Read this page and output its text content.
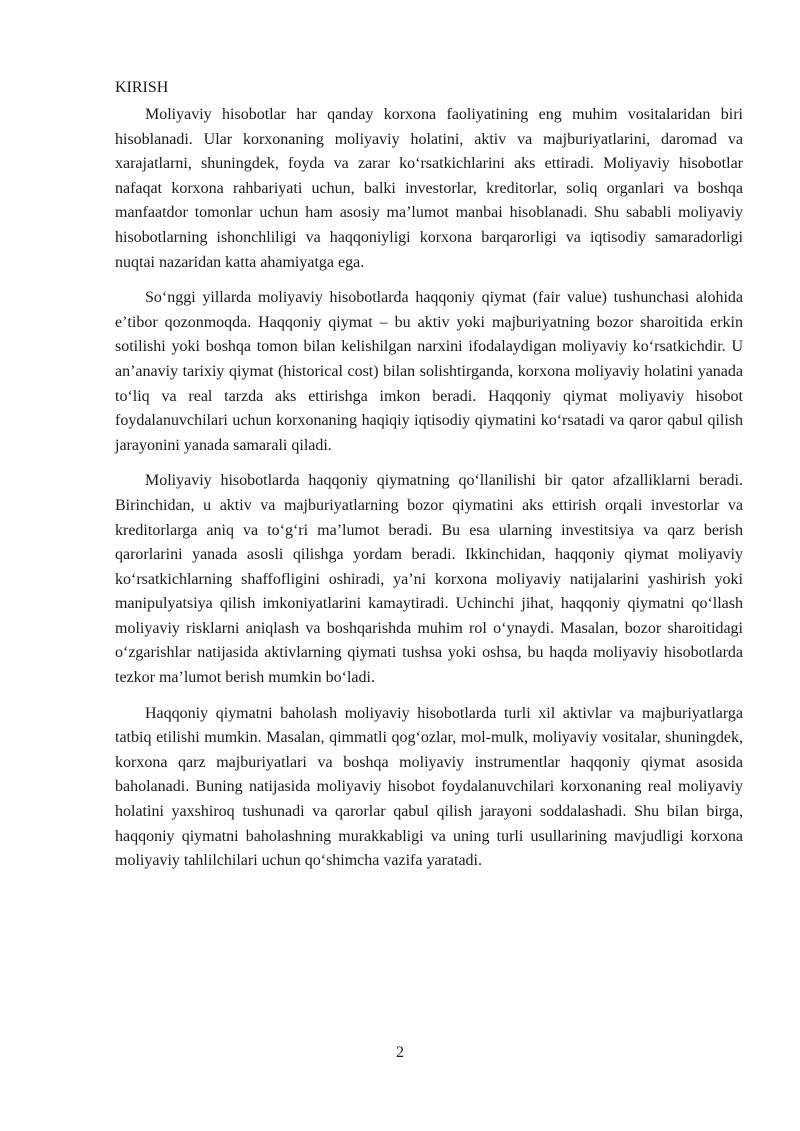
KIRISH

Moliyaviy hisobotlar har qanday korxona faoliyatining eng muhim vositalaridan biri hisoblanadi. Ular korxonaning moliyaviy holatini, aktiv va majburiyatlarini, daromad va xarajatlarni, shuningdek, foyda va zarar koʻrsatkichlarini aks ettiradi. Moliyaviy hisobotlar nafaqat korxona rahbariyati uchun, balki investorlar, kreditorlar, soliq organlari va boshqa manfaatdor tomonlar uchun ham asosiy maʼlumot manbai hisoblanadi. Shu sababli moliyaviy hisobotlarning ishonchliligi va haqqoniyligi korxona barqarorligi va iqtisodiy samaradorligi nuqtai nazaridan katta ahamiyatga ega.

Soʻnggi yillarda moliyaviy hisobotlarda haqqoniy qiymat (fair value) tushunchasi alohida eʼtibor qozonmoqda. Haqqoniy qiymat – bu aktiv yoki majburiyatning bozor sharoitida erkin sotilishi yoki boshqa tomon bilan kelishilgan narxini ifodalaydigan moliyaviy koʻrsatkichdir. U anʼanaviy tarixiy qiymat (historical cost) bilan solishtirganda, korxona moliyaviy holatini yanada toʻliq va real tarzda aks ettirishga imkon beradi. Haqqoniy qiymat moliyaviy hisobot foydalanuvchilari uchun korxonaning haqiqiy iqtisodiy qiymatini koʻrsatadi va qaror qabul qilish jarayonini yanada samarali qiladi.

Moliyaviy hisobotlarda haqqoniy qiymatning qoʻllanilishi bir qator afzalliklarni beradi. Birinchidan, u aktiv va majburiyatlarning bozor qiymatini aks ettirish orqali investorlar va kreditorlarga aniq va toʻgʻri maʼlumot beradi. Bu esa ularning investitsiya va qarz berish qarorlarini yanada asosli qilishga yordam beradi. Ikkinchidan, haqqoniy qiymat moliyaviy koʻrsatkichlarning shaffofligini oshiradi, yaʼni korxona moliyaviy natijalarini yashirish yoki manipulyatsiya qilish imkoniyatlarini kamaytiradi. Uchinchi jihat, haqqoniy qiymatni qoʻllash moliyaviy risklarni aniqlash va boshqarishda muhim rol oʻynaydi. Masalan, bozor sharoitidagi oʻzgarishlar natijasida aktivlarning qiymati tushsa yoki oshsa, bu haqda moliyaviy hisobotlarda tezkor maʼlumot berish mumkin boʻladi.

Haqqoniy qiymatni baholash moliyaviy hisobotlarda turli xil aktivlar va majburiyatlarga tatbiq etilishi mumkin. Masalan, qimmatli qogʻozlar, mol-mulk, moliyaviy vositalar, shuningdek, korxona qarz majburiyatlari va boshqa moliyaviy instrumentlar haqqoniy qiymat asosida baholanadi. Buning natijasida moliyaviy hisobot foydalanuvchilari korxonaning real moliyaviy holatini yaxshiroq tushunadi va qarorlar qabul qilish jarayoni soddalashadi. Shu bilan birga, haqqoniy qiymatni baholashning murakkabligi va uning turli usullarining mavjudligi korxona moliyaviy tahlilchilari uchun qoʻshimcha vazifa yaratadi.

2
